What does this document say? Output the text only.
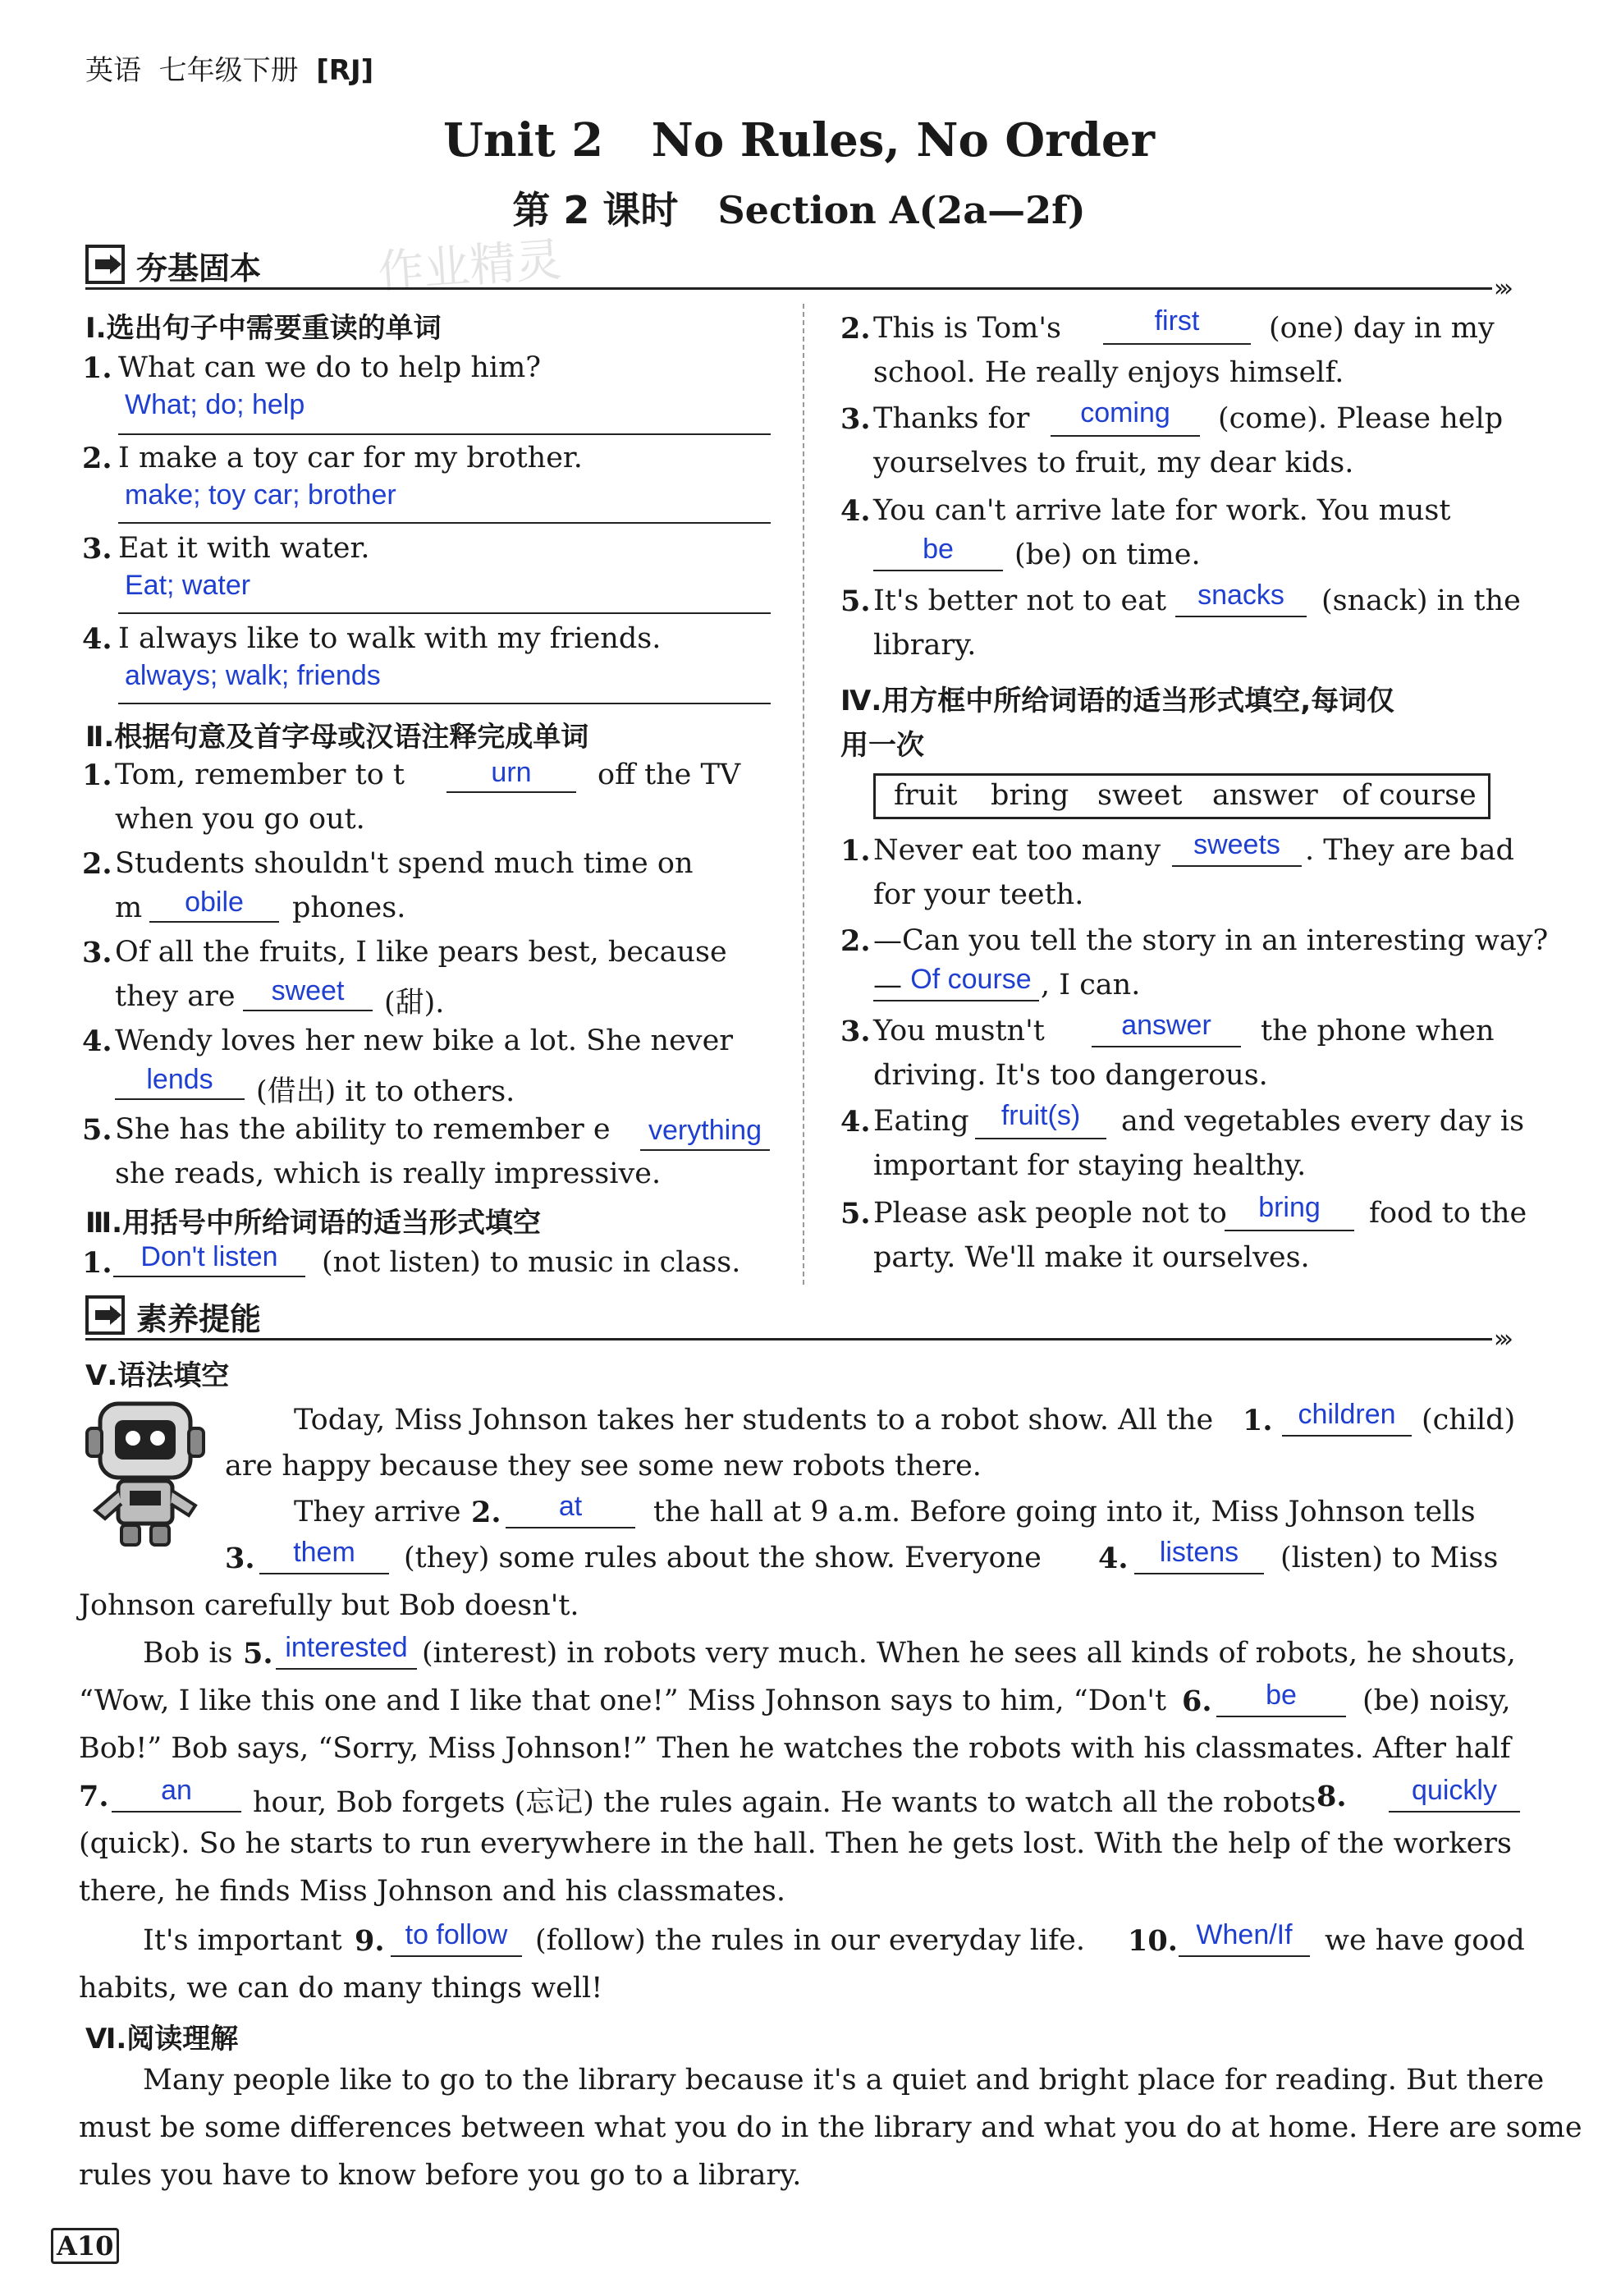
英语 七年级下册 [RJ]
Unit 2 No Rules, No Order
第 2 课时 Section A(2a—2f)
夯基固本	作业精灵	›››
Ⅰ.选出句子中需要重读的单词
1. What can we do to help him?
What; do; help
2. I make a toy car for my brother.
make; toy car; brother
3. Eat it with water.
Eat; water
4. I always like to walk with my friends.
always; walk; friends
Ⅱ.根据句意及首字母或汉语注释完成单词
1. Tom, remember to t	urn	off the TV
when you go out.
2. Students shouldn't spend much time on
m	obile	phones.
3. Of all the fruits, I like pears best, because
they are	sweet	(甜).
4. Wendy loves her new bike a lot. She never
lends	(借出) it to others.
5. She has the ability to remember e verything
she reads, which is really impressive.
Ⅲ.用括号中所给词语的适当形式填空
1.	Don't listen	(not listen) to music in class.
2. This is Tom's	first	(one) day in my
school. He really enjoys himself.
3. Thanks for	coming	(come). Please help
yourselves to fruit, my dear kids.
4. You can't arrive late for work. You must
be	(be) on time.
5. It's better not to eat	snacks	(snack) in the
library.
Ⅳ.用方框中所给词语的适当形式填空,每词仅
用一次
fruit bring sweet answer of course
1. Never eat too many	sweets . They are bad
for your teeth.
2. —Can you tell the story in an interesting way?
— Of course , I can.
3. You mustn't	answer	the phone when
driving. It's too dangerous.
4. Eating	fruit(s)	and vegetables every day is
important for staying healthy.
5. Please ask people not to	bring	food to the
party. We'll make it ourselves.
素养提能
›››
Ⅴ.语法填空
Today, Miss Johnson takes her students to a robot show. All the 1. children (child)
are happy because they see some new robots there.
They arrive 2.	at	the hall at 9 a.m. Before going into it, Miss Johnson tells
3.	them	(they) some rules about the show. Everyone 4.	listens	(listen) to Miss
Johnson carefully but Bob doesn't.
Bob is 5. interested (interest) in robots very much. When he sees all kinds of robots, he shouts,
“Wow, I like this one and I like that one!” Miss Johnson says to him, “Don't 6.	be	(be) noisy,
Bob!” Bob says, “Sorry, Miss Johnson!” Then he watches the robots with his classmates. After half
7.	an	hour, Bob forgets (忘记) the rules again. He wants to watch all the robots 8.	quickly
(quick). So he starts to run everywhere in the hall. Then he gets lost. With the help of the workers
there, he finds Miss Johnson and his classmates.
It's important 9. to follow (follow) the rules in our everyday life. 10. When/If	we have good
habits, we can do many things well!
Ⅵ.阅读理解
Many people like to go to the library because it's a quiet and bright place for reading. But there
must be some differences between what you do in the library and what you do at home. Here are some
rules you have to know before you go to a library.
A10
